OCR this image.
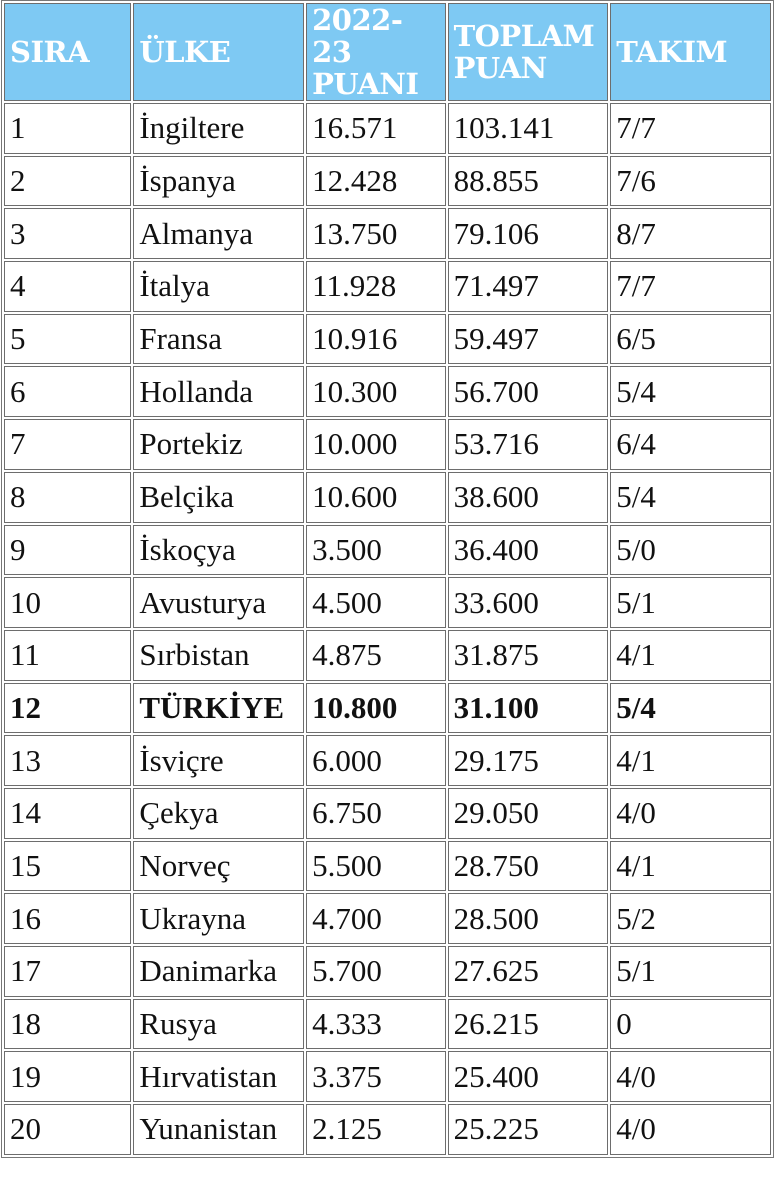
SIRA	ÜLKE	2022-23 PUANI	TOPLAM PUAN	TAKIM
1	İngiltere	16.571	103.141	7/7
2	İspanya	12.428	88.855	7/6
3	Almanya	13.750	79.106	8/7
4	İtalya	11.928	71.497	7/7
5	Fransa	10.916	59.497	6/5
6	Hollanda	10.300	56.700	5/4
7	Portekiz	10.000	53.716	6/4
8	Belçika	10.600	38.600	5/4
9	İskoçya	3.500	36.400	5/0
10	Avusturya	4.500	33.600	5/1
11	Sırbistan	4.875	31.875	4/1
12	TÜRKİYE	10.800	31.100	5/4
13	İsviçre	6.000	29.175	4/1
14	Çekya	6.750	29.050	4/0
15	Norveç	5.500	28.750	4/1
16	Ukrayna	4.700	28.500	5/2
17	Danimarka	5.700	27.625	5/1
18	Rusya	4.333	26.215	0
19	Hırvatistan	3.375	25.400	4/0
20	Yunanistan	2.125	25.225	4/0
